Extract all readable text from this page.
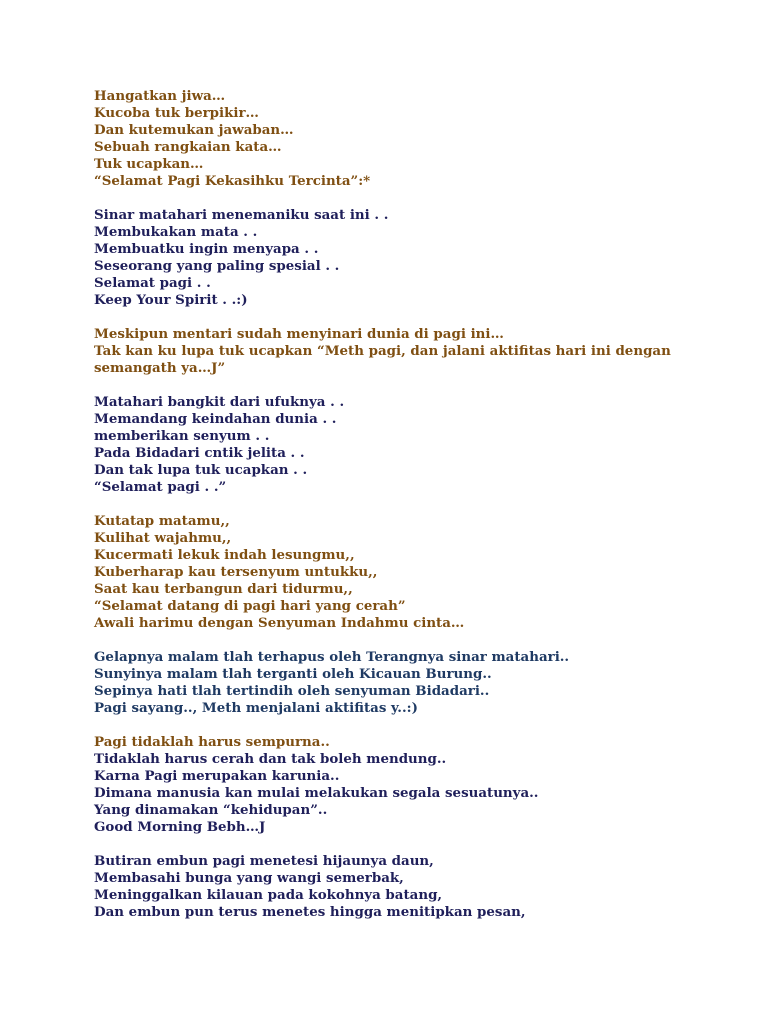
Hangatkan jiwa…
Kucoba tuk berpikir…
Dan kutemukan jawaban…
Sebuah rangkaian kata…
Tuk ucapkan…
“Selamat Pagi Kekasihku Tercinta”:*
Sinar matahari menemaniku saat ini . .
Membukakan mata . .
Membuatku ingin menyapa . .
Seseorang yang paling spesial . .
Selamat pagi . .
Keep Your Spirit . .:)
Meskipun mentari sudah menyinari dunia di pagi ini…
Tak kan ku lupa tuk ucapkan “Meth pagi, dan jalani aktifitas hari ini dengan
semangath ya…J”
Matahari bangkit dari ufuknya . .
Memandang keindahan dunia . .
memberikan senyum . .
Pada Bidadari cntik jelita . .
Dan tak lupa tuk ucapkan . .
“Selamat pagi . .”
Kutatap matamu,,
Kulihat wajahmu,,
Kucermati lekuk indah lesungmu,,
Kuberharap kau tersenyum untukku,,
Saat kau terbangun dari tidurmu,,
“Selamat datang di pagi hari yang cerah”
Awali harimu dengan Senyuman Indahmu cinta…
Gelapnya malam tlah terhapus oleh Terangnya sinar matahari..
Sunyinya malam tlah terganti oleh Kicauan Burung..
Sepinya hati tlah tertindih oleh senyuman Bidadari..
Pagi sayang.., Meth menjalani aktifitas y..:)
Pagi tidaklah harus sempurna..
Tidaklah harus cerah dan tak boleh mendung..
Karna Pagi merupakan karunia..
Dimana manusia kan mulai melakukan segala sesuatunya..
Yang dinamakan “kehidupan”..
Good Morning Bebh…J
Butiran embun pagi menetesi hijaunya daun,
Membasahi bunga yang wangi semerbak,
Meninggalkan kilauan pada kokohnya batang,
Dan embun pun terus menetes hingga menitipkan pesan,
